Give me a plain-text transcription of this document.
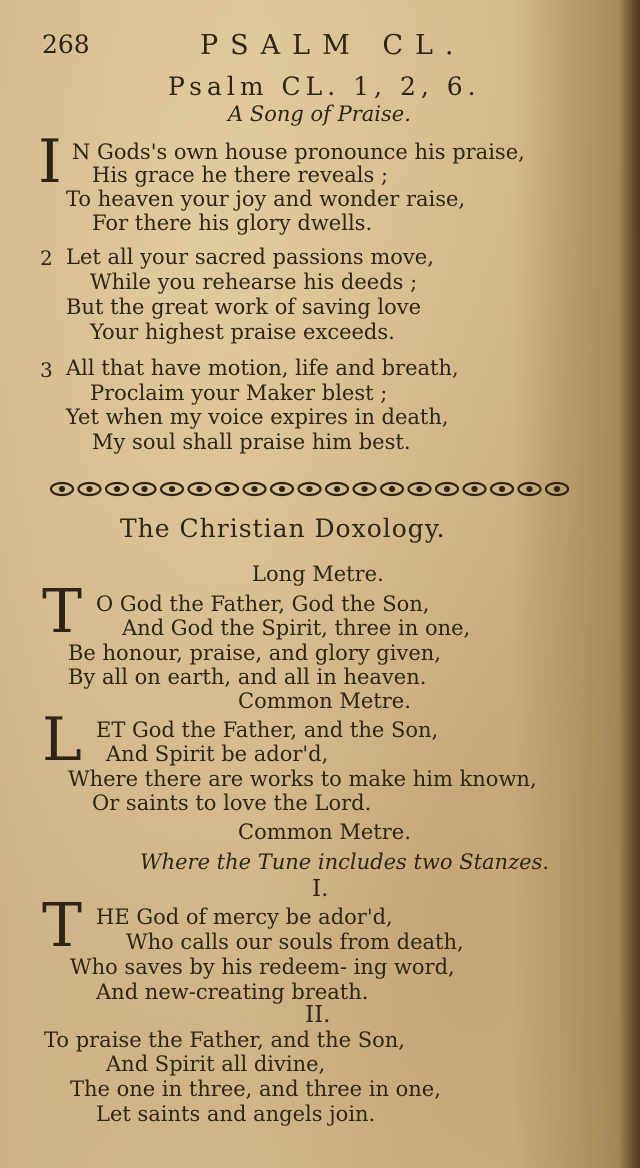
268	PSALM CL.
Psalm CL. 1, 2, 6.
A Song of Praise.
I N Gods's own house pronounce his praise,
His grace he there reveals ;
To heaven your joy and wonder raise,
For there his glory dwells.
2 Let all your sacred passions move,
While you rehearse his deeds ;
But the great work of saving love
Your highest praise exceeds.
3 All that have motion, life and breath,
Proclaim your Maker blest ;
Yet when my voice expires in death,
My soul shall praise him best.
The Christian Doxology.
Long Metre.
T O God the Father, God the Son,
And God the Spirit, three in one,
Be honour, praise, and glory given,
By all on earth, and all in heaven.
Common Metre.
L ET God the Father, and the Son,
And Spirit be ador'd,
Where there are works to make him known,
Or saints to love the Lord.
Common Metre.
Where the Tune includes two Stanzes.
I.
T HE God of mercy be ador'd,
Who calls our souls from death,
Who saves by his redeem- ing word,
And new-creating breath.
II.
To praise the Father, and the Son,
And Spirit all divine,
The one in three, and three in one,
Let saints and angels join.
